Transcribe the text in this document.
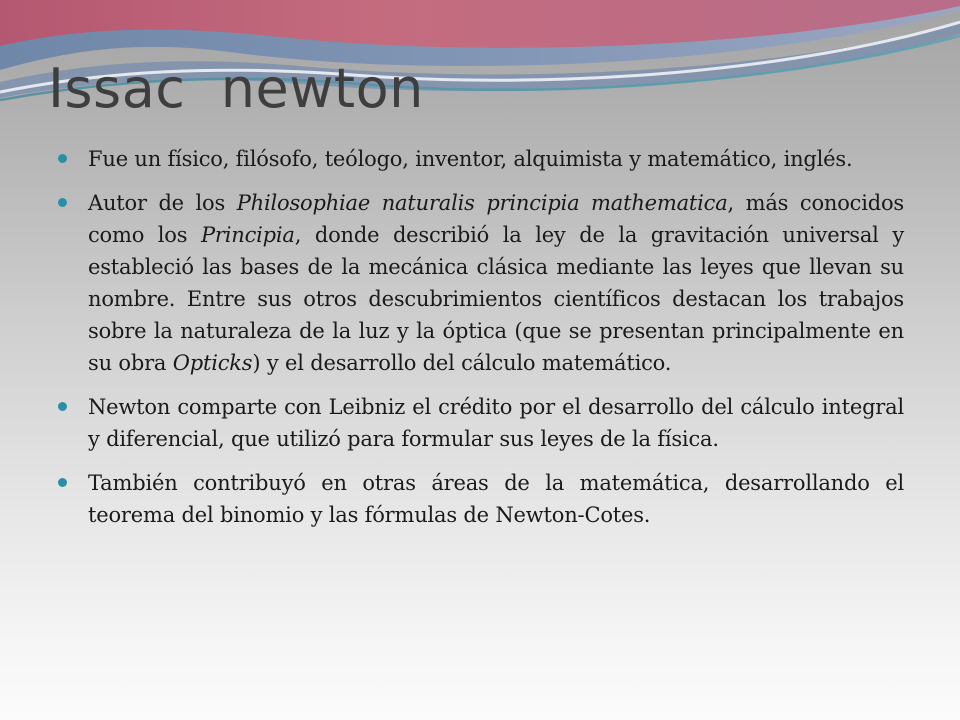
Issac  newton
Fue un físico, filósofo, teólogo, inventor, alquimista y matemático, inglés.
Autor de los Philosophiae naturalis principia mathematica, más conocidos como los Principia, donde describió la ley de la gravitación universal y estableció las bases de la mecánica clásica mediante las leyes que llevan su nombre. Entre sus otros descubrimientos científicos destacan los trabajos sobre la naturaleza de la luz y la óptica (que se presentan principalmente en su obra Opticks) y el desarrollo del cálculo matemático.
Newton comparte con Leibniz el crédito por el desarrollo del cálculo integral y diferencial, que utilizó para formular sus leyes de la física.
También contribuyó en otras áreas de la matemática, desarrollando el teorema del binomio y las fórmulas de Newton-Cotes.
